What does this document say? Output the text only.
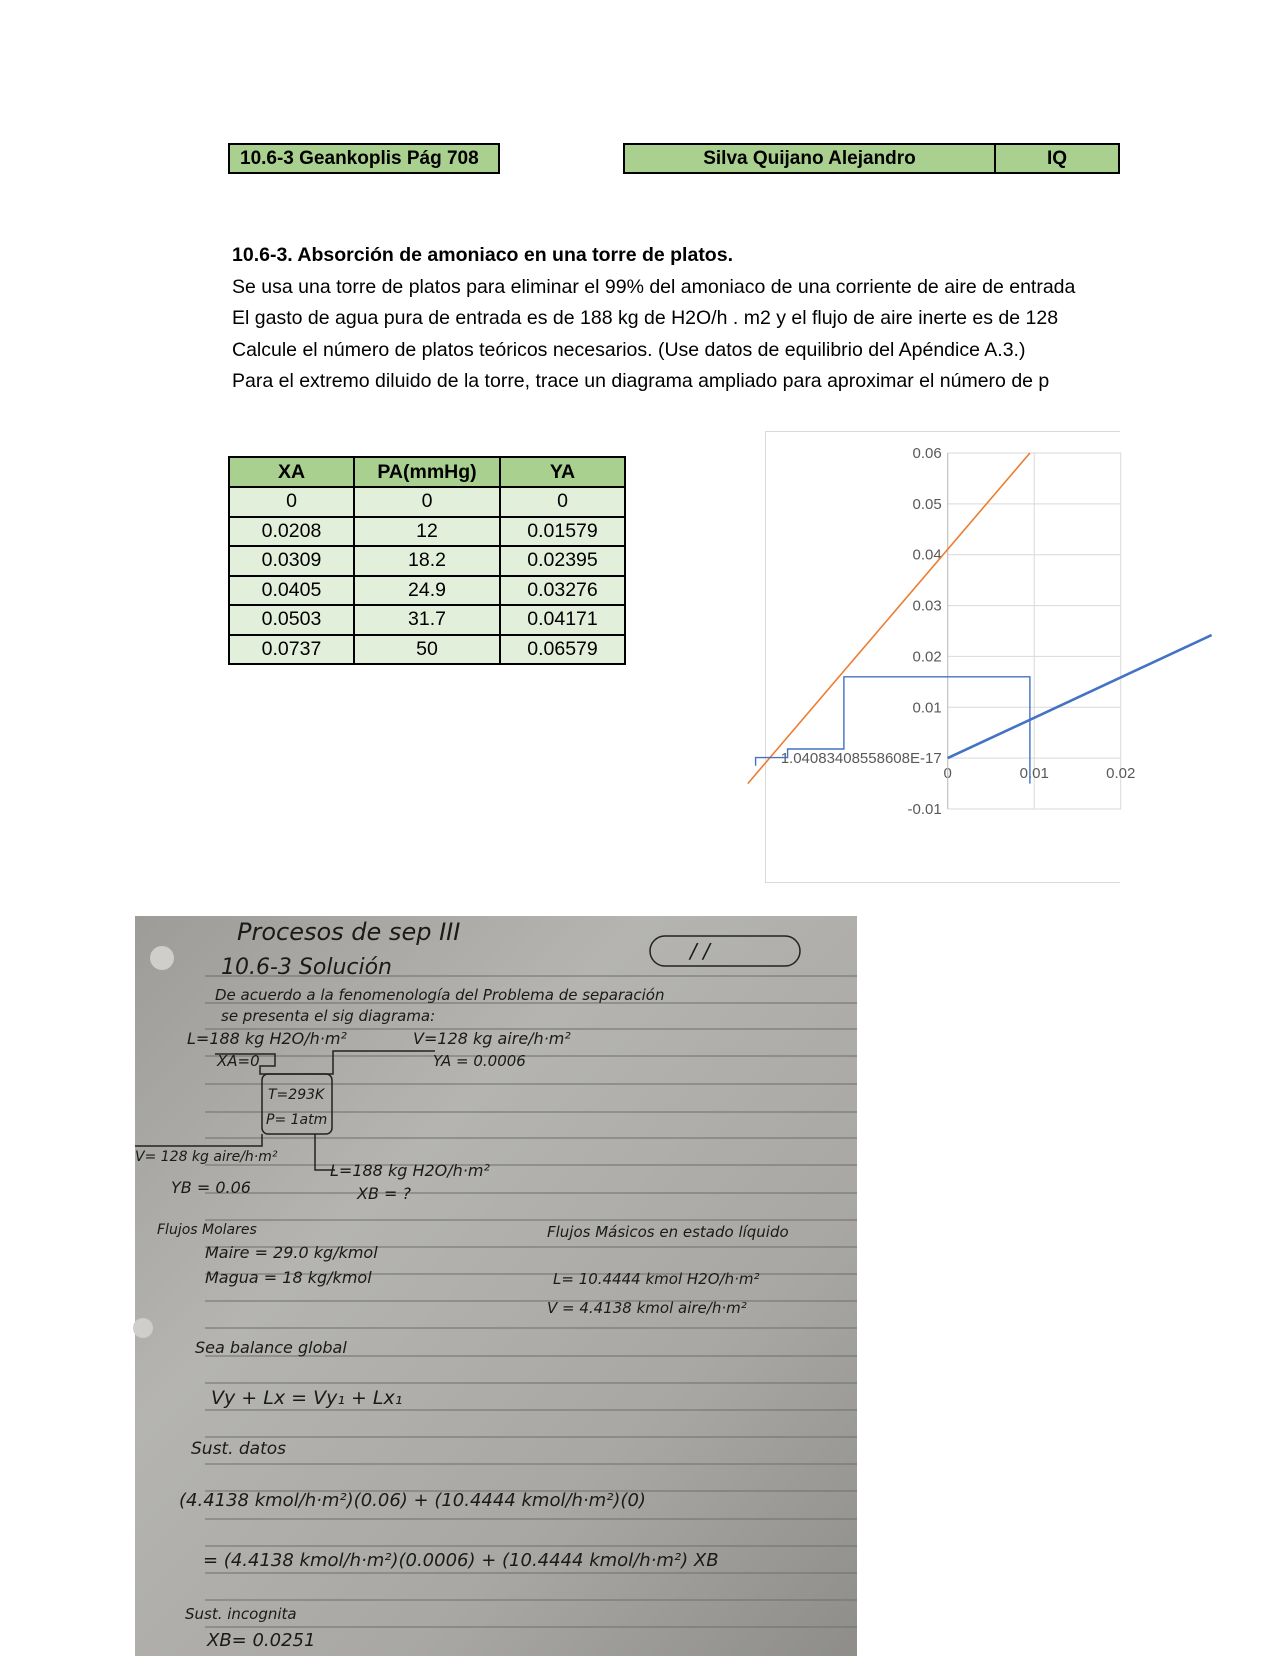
10.6-3 Geankoplis Pág 708	Silva Quijano Alejandro	IQ
10.6-3. Absorción de amoniaco en una torre de platos.
Se usa una torre de platos para eliminar el 99% del amoniaco de una corriente de aire de entrada
El gasto de agua pura de entrada es de 188 kg de H2O/h . m2 y el flujo de aire inerte es de 128
Calcule el número de platos teóricos necesarios. (Use datos de equilibrio del Apéndice A.3.)
Para el extremo diluido de la torre, trace un diagrama ampliado para aproximar el número de p
XA	PA(mmHg)	YA
0	0	0
0.0208	12	0.01579
0.0309	18.2	0.02395
0.0405	24.9	0.03276
0.0503	31.7	0.04171
0.0737	50	0.06579
0.06
0.05
0.04
0.03
0.02
0.01
1.04083408558608E-17
-0.01
0	0.01	0.02
/ /
Procesos de sep III
10.6-3 Solución
De acuerdo a la fenomenología del Problema de separación
se presenta el sig diagrama:
L=188 kg H2O/h·m²	V=128 kg aire/h·m²
XA=0	YA = 0.0006
T=293K
P= 1atm
V= 128 kg aire/h·m²
YB = 0.06
L=188 kg H2O/h·m²
XB = ?
Flujos Molares	Flujos Másicos en estado líquido
Maire = 29.0 kg/kmol
Magua = 18 kg/kmol	L= 10.4444 kmol H2O/h·m²
V = 4.4138 kmol aire/h·m²
Sea balance global
Vy + Lx = Vy₁ + Lx₁
Sust. datos
(4.4138 kmol/h·m²)(0.06) + (10.4444 kmol/h·m²)(0)
= (4.4138 kmol/h·m²)(0.0006) + (10.4444 kmol/h·m²) XB
Sust. incognita
XB= 0.0251
